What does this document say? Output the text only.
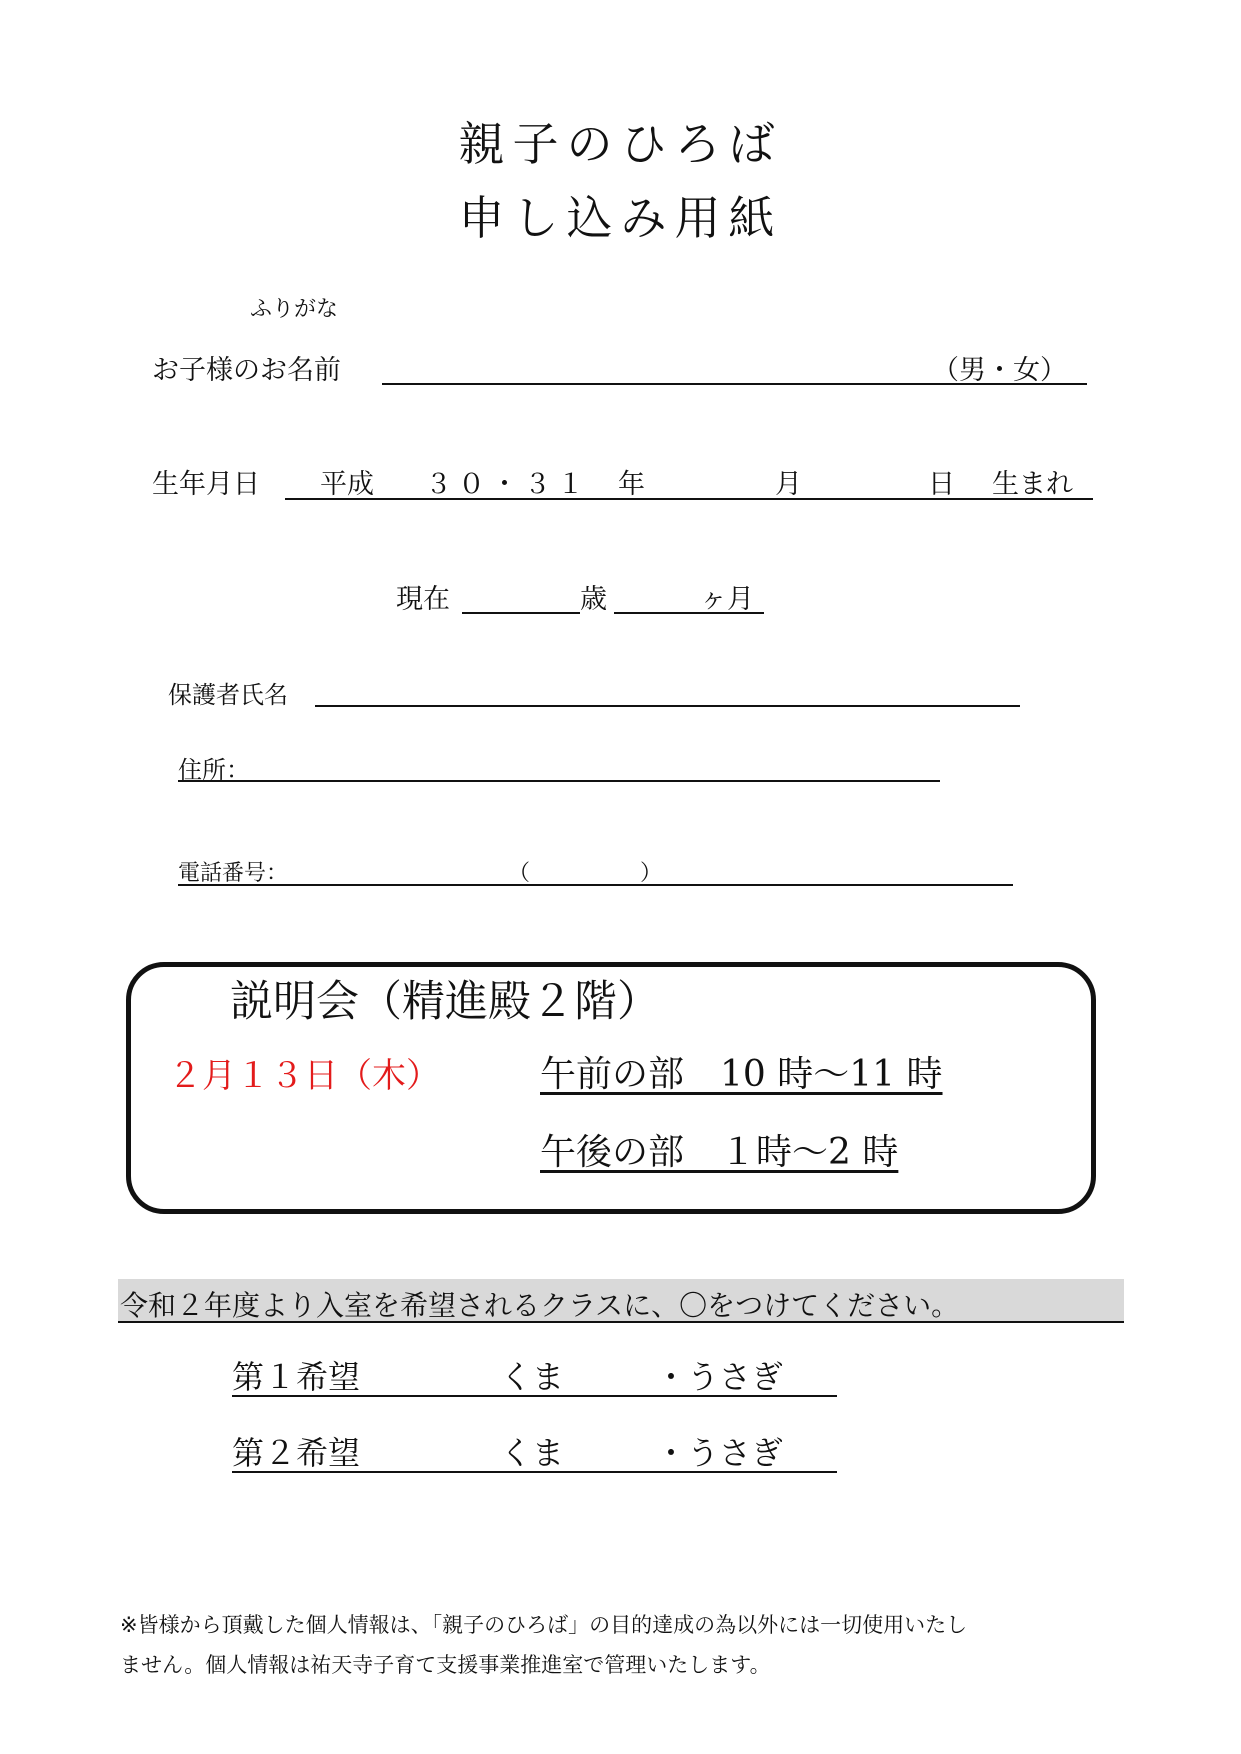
親子のひろば
申し込み用紙
ふりがな
お子様のお名前	（男・女）
生年月日 平成 ３０・３１ 年	月	日 生まれ
現在	歳	ヶ月
保護者氏名
住所：
電話番号：	（	）
説明会（精進殿２階）
２月１３日（木）	午前の部　10 時～11 時
午後の部　１時～2 時
令和２年度より入室を希望されるクラスに、〇をつけてください。
第１希望	くま	・うさぎ
第２希望	くま	・うさぎ
※皆様から頂戴した個人情報は、「親子のひろば」の目的達成の為以外には一切使用いたし
ません。個人情報は祐天寺子育て支援事業推進室で管理いたします。
